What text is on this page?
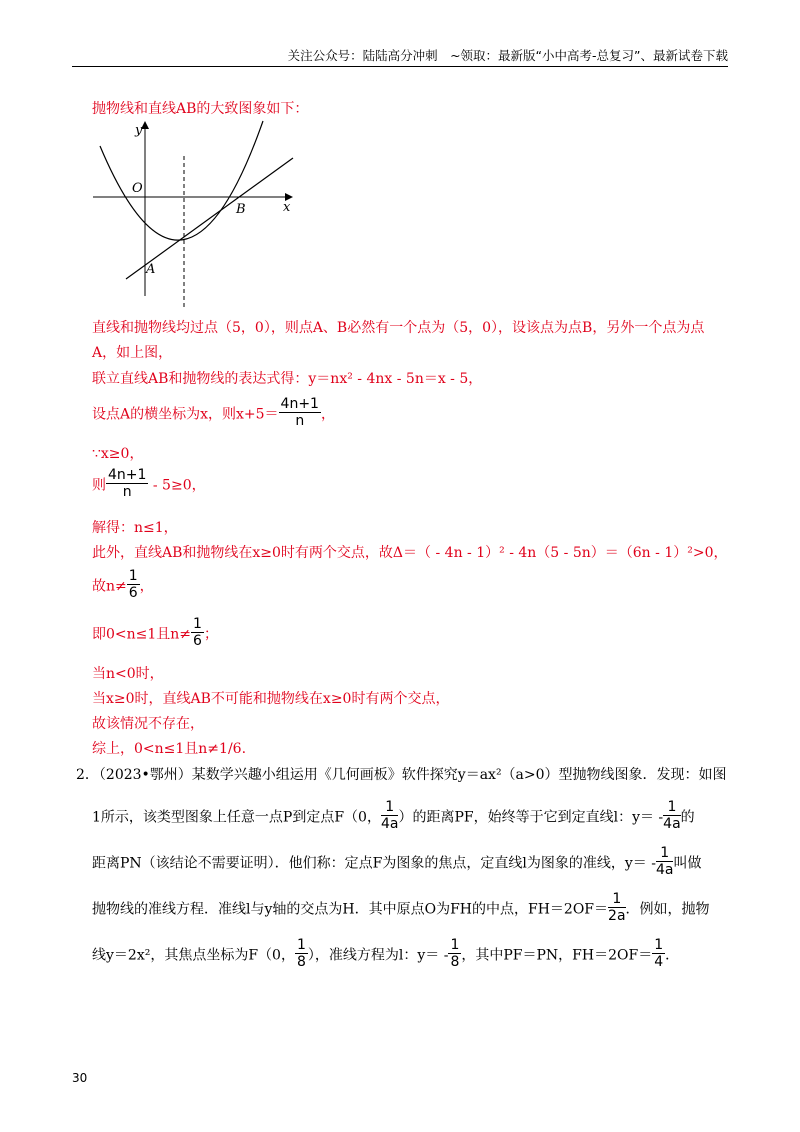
关注公众号：陆陆高分冲刺　~领取：最新版“小中高考-总复习”、最新试卷下载
抛物线和直线AB的大致图象如下：
y
x
O
A
B
直线和抛物线均过点（5，0），则点A、B必然有一个点为（5，0），设该点为点B，另外一个点为点
A，如上图，
联立直线AB和抛物线的表达式得：y＝nx² - 4nx - 5n＝x - 5，
设点A的横坐标为x，则$x+5= \frac{4n+1}{n}$ ，
∵x≥0，
则 $\frac{4n+1}{n} - 5\ge 0$，
解得：n≤1，
此外，直线AB和抛物线在x≥0时有两个交点，故Δ＝（ - 4n - 1）² - 4n（5 - 5n）＝（6n - 1）²>0，
故$n\ne \frac{1}{6}$ ，
即0<n≤1且$n\ne \frac{1}{6}$ ；
当n<0时，
当x≥0时，直线AB不可能和抛物线在x≥0时有两个交点，
故该情况不存在，
综上，0<n≤1且n≠1/6.
2．（2023•鄂州）某数学兴趣小组运用《几何画板》软件探究y＝ax²（a>0）型抛物线图象．发现：如图
1所示，该类型图象上任意一点P到定点F（0， $\frac{1}{4a}$ ）的距离PF，始终等于它到定直线l：$y= - \frac{1}{4a}$ 的
距离PN（该结论不需要证明）．他们称：定点F为图象的焦点，定直线l为图象的准线，$y= - \frac{1}{4a}$ 叫做
抛物线的准线方程．准线l与y轴的交点为H．其中原点O为FH的中点，$FH=2OF= \frac{1}{2a}$ ．例如，抛物
线y＝2x²，其焦点坐标为F（0， $\frac{1}{8}$ ），准线方程为l：$y= - \frac{1}{8}$ ，其中PF＝PN，$FH=2OF= \frac{1}{4}$ ．
30
